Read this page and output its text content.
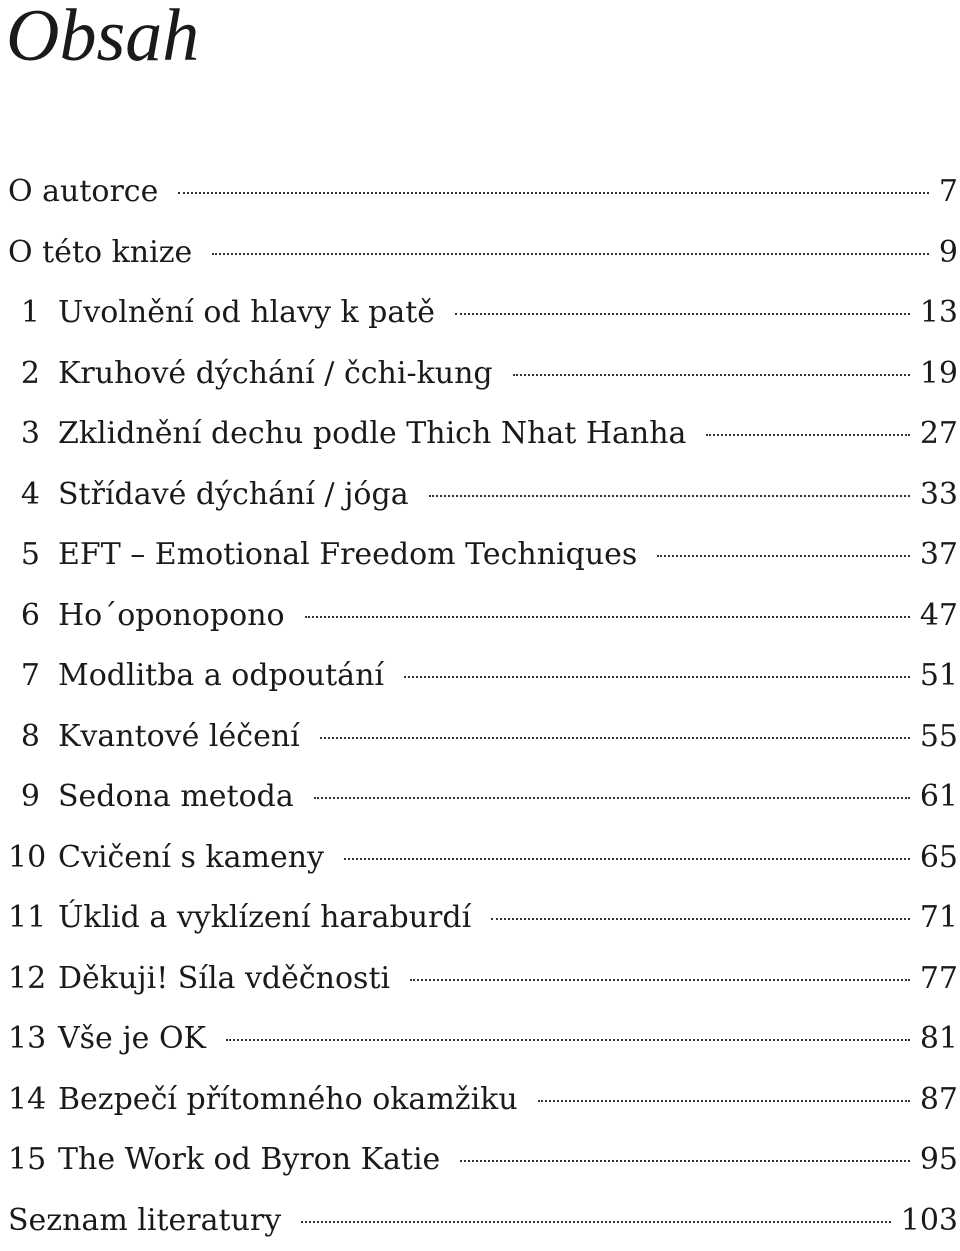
Obsah
O autorce	7
O této knize	9
1 Uvolnění od hlavy k patě	13
2 Kruhové dýchání / čchi-kung	19
3 Zklidnění dechu podle Thich Nhat Hanha	27
4 Střídavé dýchání / jóga	33
5 EFT – Emotional Freedom Techniques	37
6 Ho´oponopono	47
7 Modlitba a odpoutání	51
8 Kvantové léčení	55
9 Sedona metoda	61
10 Cvičení s kameny	65
11 Úklid a vyklízení haraburdí	71
12 Děkuji! Síla vděčnosti	77
13 Vše je OK	81
14 Bezpečí přítomného okamžiku	87
15 The Work od Byron Katie	95
Seznam literatury	103
